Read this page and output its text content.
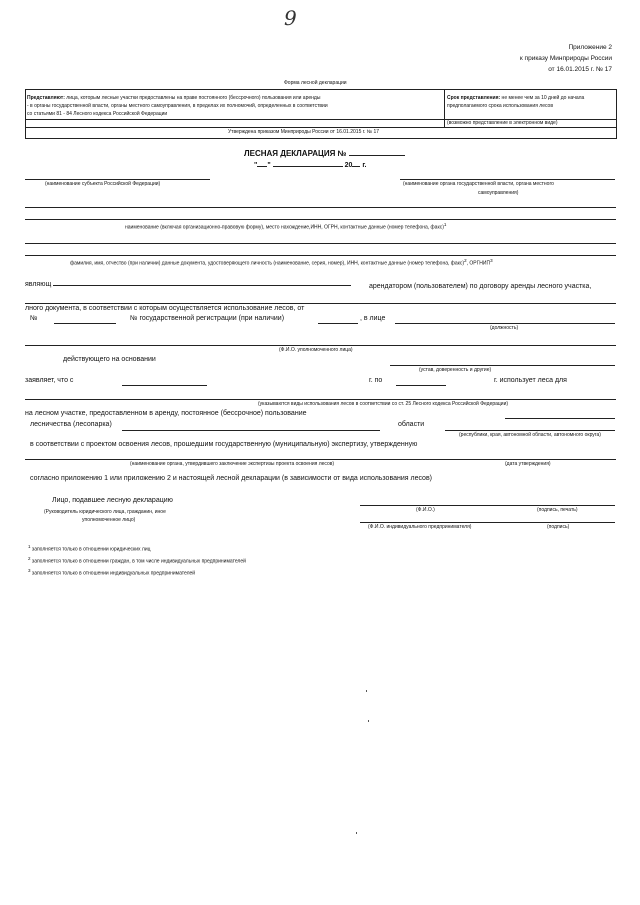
9
Приложение 2
к приказу Минприроды России
от 16.01.2015 г. № 17
Форма лесной декларации
Представляют: лица, которым лесные участки предоставлены на праве постоянного (бессрочного) пользования или аренды
- в органы государственной власти, органы местного самоуправления, в пределах их полномочий, определенных в соответствии
со статьями 81 - 84 Лесного кодекса Российской Федерации
Срок представления: не менее чем за 10 дней до начала
предполагаемого срока использования лесов
(возможно представление в электронном виде)
Утверждена приказом Минприроды России от 16.01.2015 г. № 17
ЛЕСНАЯ ДЕКЛАРАЦИЯ №
" "	20 г.
(наименование субъекта Российской Федерации)	(наименование органа государственной власти, органа местного
самоуправления)
наименование (включая организационно-правовую форму), место нахождение,ИНН, ОГРН, контактные данные (номер телефона, факс)$^1$
фамилия, имя, отчество (при наличии) данные документа, удостоверяющего личность (наименование, серия, номер), ИНН, контактные данные (номер телефона, факс)$^2$, ОРГНИП$^3$
являющ	арендатором (пользователем) по договору аренды лесного участка,
лного документа, в соответствии с которым осуществляется использование лесов, от
№	№ государственной регистрации (при наличии)	, в лице
(должность)
(Ф.И.О. уполномоченного лица)
действующего на основании
(устав, доверенность и другие)
заявляет, что с	г. по	г. использует леса для
(указываются виды использования лесов в соответствии со ст. 25 Лесного кодекса Российской Федерации)
на лесном участке, предоставленном в аренду, постоянное (бессрочное) пользование
лесничества (лесопарка)	области
(республики, края, автономной области, автономного округа)
в соответствии с проектом освоения лесов, прошедшим государственную (муниципальную) экспертизу, утвержденную
(наименование органа, утвердившего заключение экспертизы проекта освоения лесов)	(дата утверждения)
согласно приложению 1 или приложению 2 и настоящей лесной декларации (в зависимости от вида использования лесов)
Лицо, подавшее лесную декларацию
(Руководитель юридического лица, гражданин, иное
уполномоченное лицо)
(Ф.И.О.)	(подпись, печать)
(Ф.И.О. индивидуального предпринимателя)	(подпись)
$^1$ заполняется только в отношении юридических лиц
$^2$ заполняется только в отношении граждан, в том числе индивидуальных предпринимателей
$^3$ заполняется только в отношении индивидуальных предпринимателей
